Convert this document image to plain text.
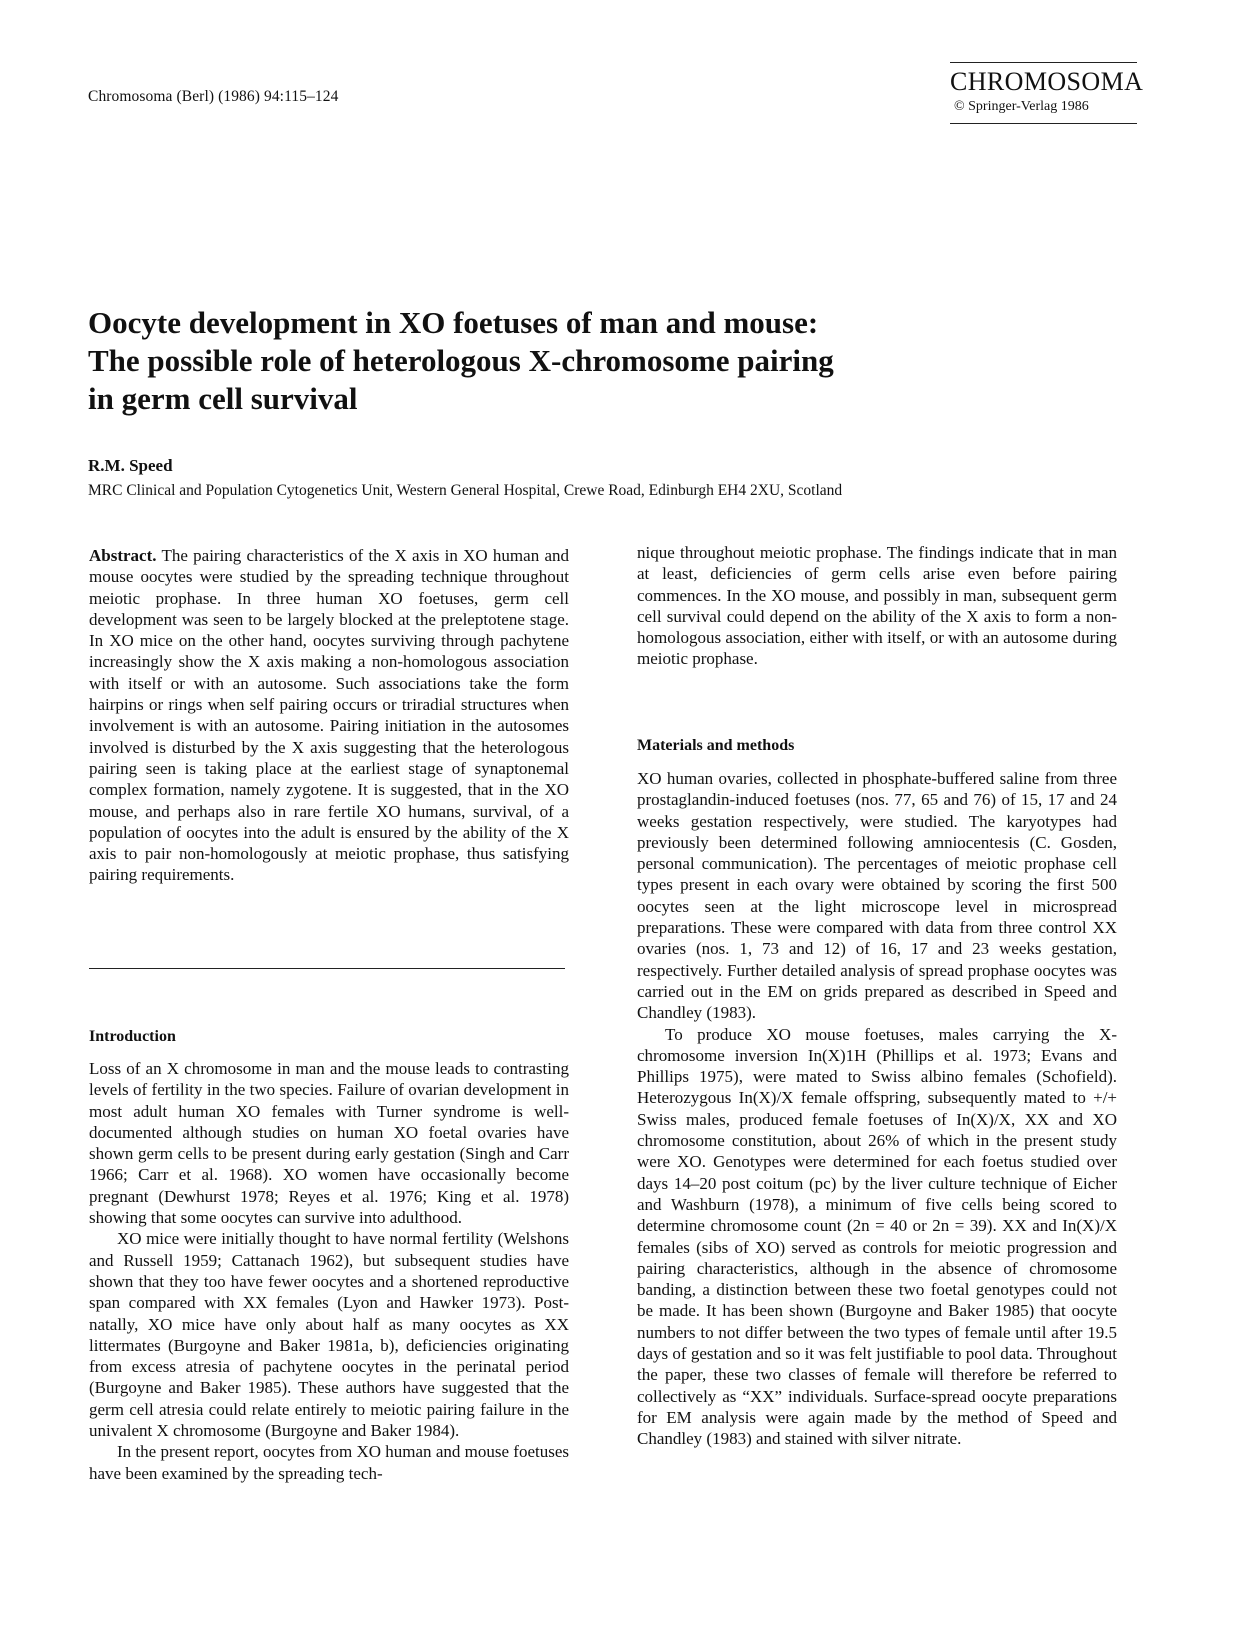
Chromosoma (Berl) (1986) 94:115–124
CHROMOSOMA
© Springer-Verlag 1986
Oocyte development in XO foetuses of man and mouse:
The possible role of heterologous X-chromosome pairing
in germ cell survival
R.M. Speed
MRC Clinical and Population Cytogenetics Unit, Western General Hospital, Crewe Road, Edinburgh EH4 2XU, Scotland

Abstract. The pairing characteristics of the X axis in XO human and mouse oocytes were studied by the spreading technique throughout meiotic prophase. In three human XO foetuses, germ cell development was seen to be largely blocked at the preleptotene stage. In XO mice on the other hand, oocytes surviving through pachytene increasingly show the X axis making a non-homologous association with itself or with an autosome. Such associations take the form hairpins or rings when self pairing occurs or triradial structures when involvement is with an autosome. Pairing initiation in the autosomes involved is disturbed by the X axis suggesting that the heterologous pairing seen is taking place at the earliest stage of synaptonemal complex formation, namely zygotene. It is suggested, that in the XO mouse, and perhaps also in rare fertile XO humans, survival, of a population of oocytes into the adult is ensured by the ability of the X axis to pair non-homologously at meiotic prophase, thus satisfying pairing requirements.

Introduction

Loss of an X chromosome in man and the mouse leads to contrasting levels of fertility in the two species. Failure of ovarian development in most adult human XO females with Turner syndrome is well-documented although studies on human XO foetal ovaries have shown germ cells to be present during early gestation (Singh and Carr 1966; Carr et al. 1968). XO women have occasionally become pregnant (Dewhurst 1978; Reyes et al. 1976; King et al. 1978) showing that some oocytes can survive into adulthood.

XO mice were initially thought to have normal fertility (Welshons and Russell 1959; Cattanach 1962), but subsequent studies have shown that they too have fewer oocytes and a shortened reproductive span compared with XX females (Lyon and Hawker 1973). Post-natally, XO mice have only about half as many oocytes as XX littermates (Burgoyne and Baker 1981a, b), deficiencies originating from excess atresia of pachytene oocytes in the perinatal period (Burgoyne and Baker 1985). These authors have suggested that the germ cell atresia could relate entirely to meiotic pairing failure in the univalent X chromosome (Burgoyne and Baker 1984).

In the present report, oocytes from XO human and mouse foetuses have been examined by the spreading tech-

nique throughout meiotic prophase. The findings indicate that in man at least, deficiencies of germ cells arise even before pairing commences. In the XO mouse, and possibly in man, subsequent germ cell survival could depend on the ability of the X axis to form a non-homologous association, either with itself, or with an autosome during meiotic prophase.

Materials and methods

XO human ovaries, collected in phosphate-buffered saline from three prostaglandin-induced foetuses (nos. 77, 65 and 76) of 15, 17 and 24 weeks gestation respectively, were studied. The karyotypes had previously been determined following amniocentesis (C. Gosden, personal communication). The percentages of meiotic prophase cell types present in each ovary were obtained by scoring the first 500 oocytes seen at the light microscope level in microspread preparations. These were compared with data from three control XX ovaries (nos. 1, 73 and 12) of 16, 17 and 23 weeks gestation, respectively. Further detailed analysis of spread prophase oocytes was carried out in the EM on grids prepared as described in Speed and Chandley (1983).

To produce XO mouse foetuses, males carrying the X-chromosome inversion In(X)1H (Phillips et al. 1973; Evans and Phillips 1975), were mated to Swiss albino females (Schofield). Heterozygous In(X)/X female offspring, subsequently mated to +/+ Swiss males, produced female foetuses of In(X)/X, XX and XO chromosome constitution, about 26% of which in the present study were XO. Genotypes were determined for each foetus studied over days 14–20 post coitum (pc) by the liver culture technique of Eicher and Washburn (1978), a minimum of five cells being scored to determine chromosome count (2n = 40 or 2n = 39). XX and In(X)/X females (sibs of XO) served as controls for meiotic progression and pairing characteristics, although in the absence of chromosome banding, a distinction between these two foetal genotypes could not be made. It has been shown (Burgoyne and Baker 1985) that oocyte numbers to not differ between the two types of female until after 19.5 days of gestation and so it was felt justifiable to pool data. Throughout the paper, these two classes of female will therefore be referred to collectively as “XX” individuals. Surface-spread oocyte preparations for EM analysis were again made by the method of Speed and Chandley (1983) and stained with silver nitrate.
